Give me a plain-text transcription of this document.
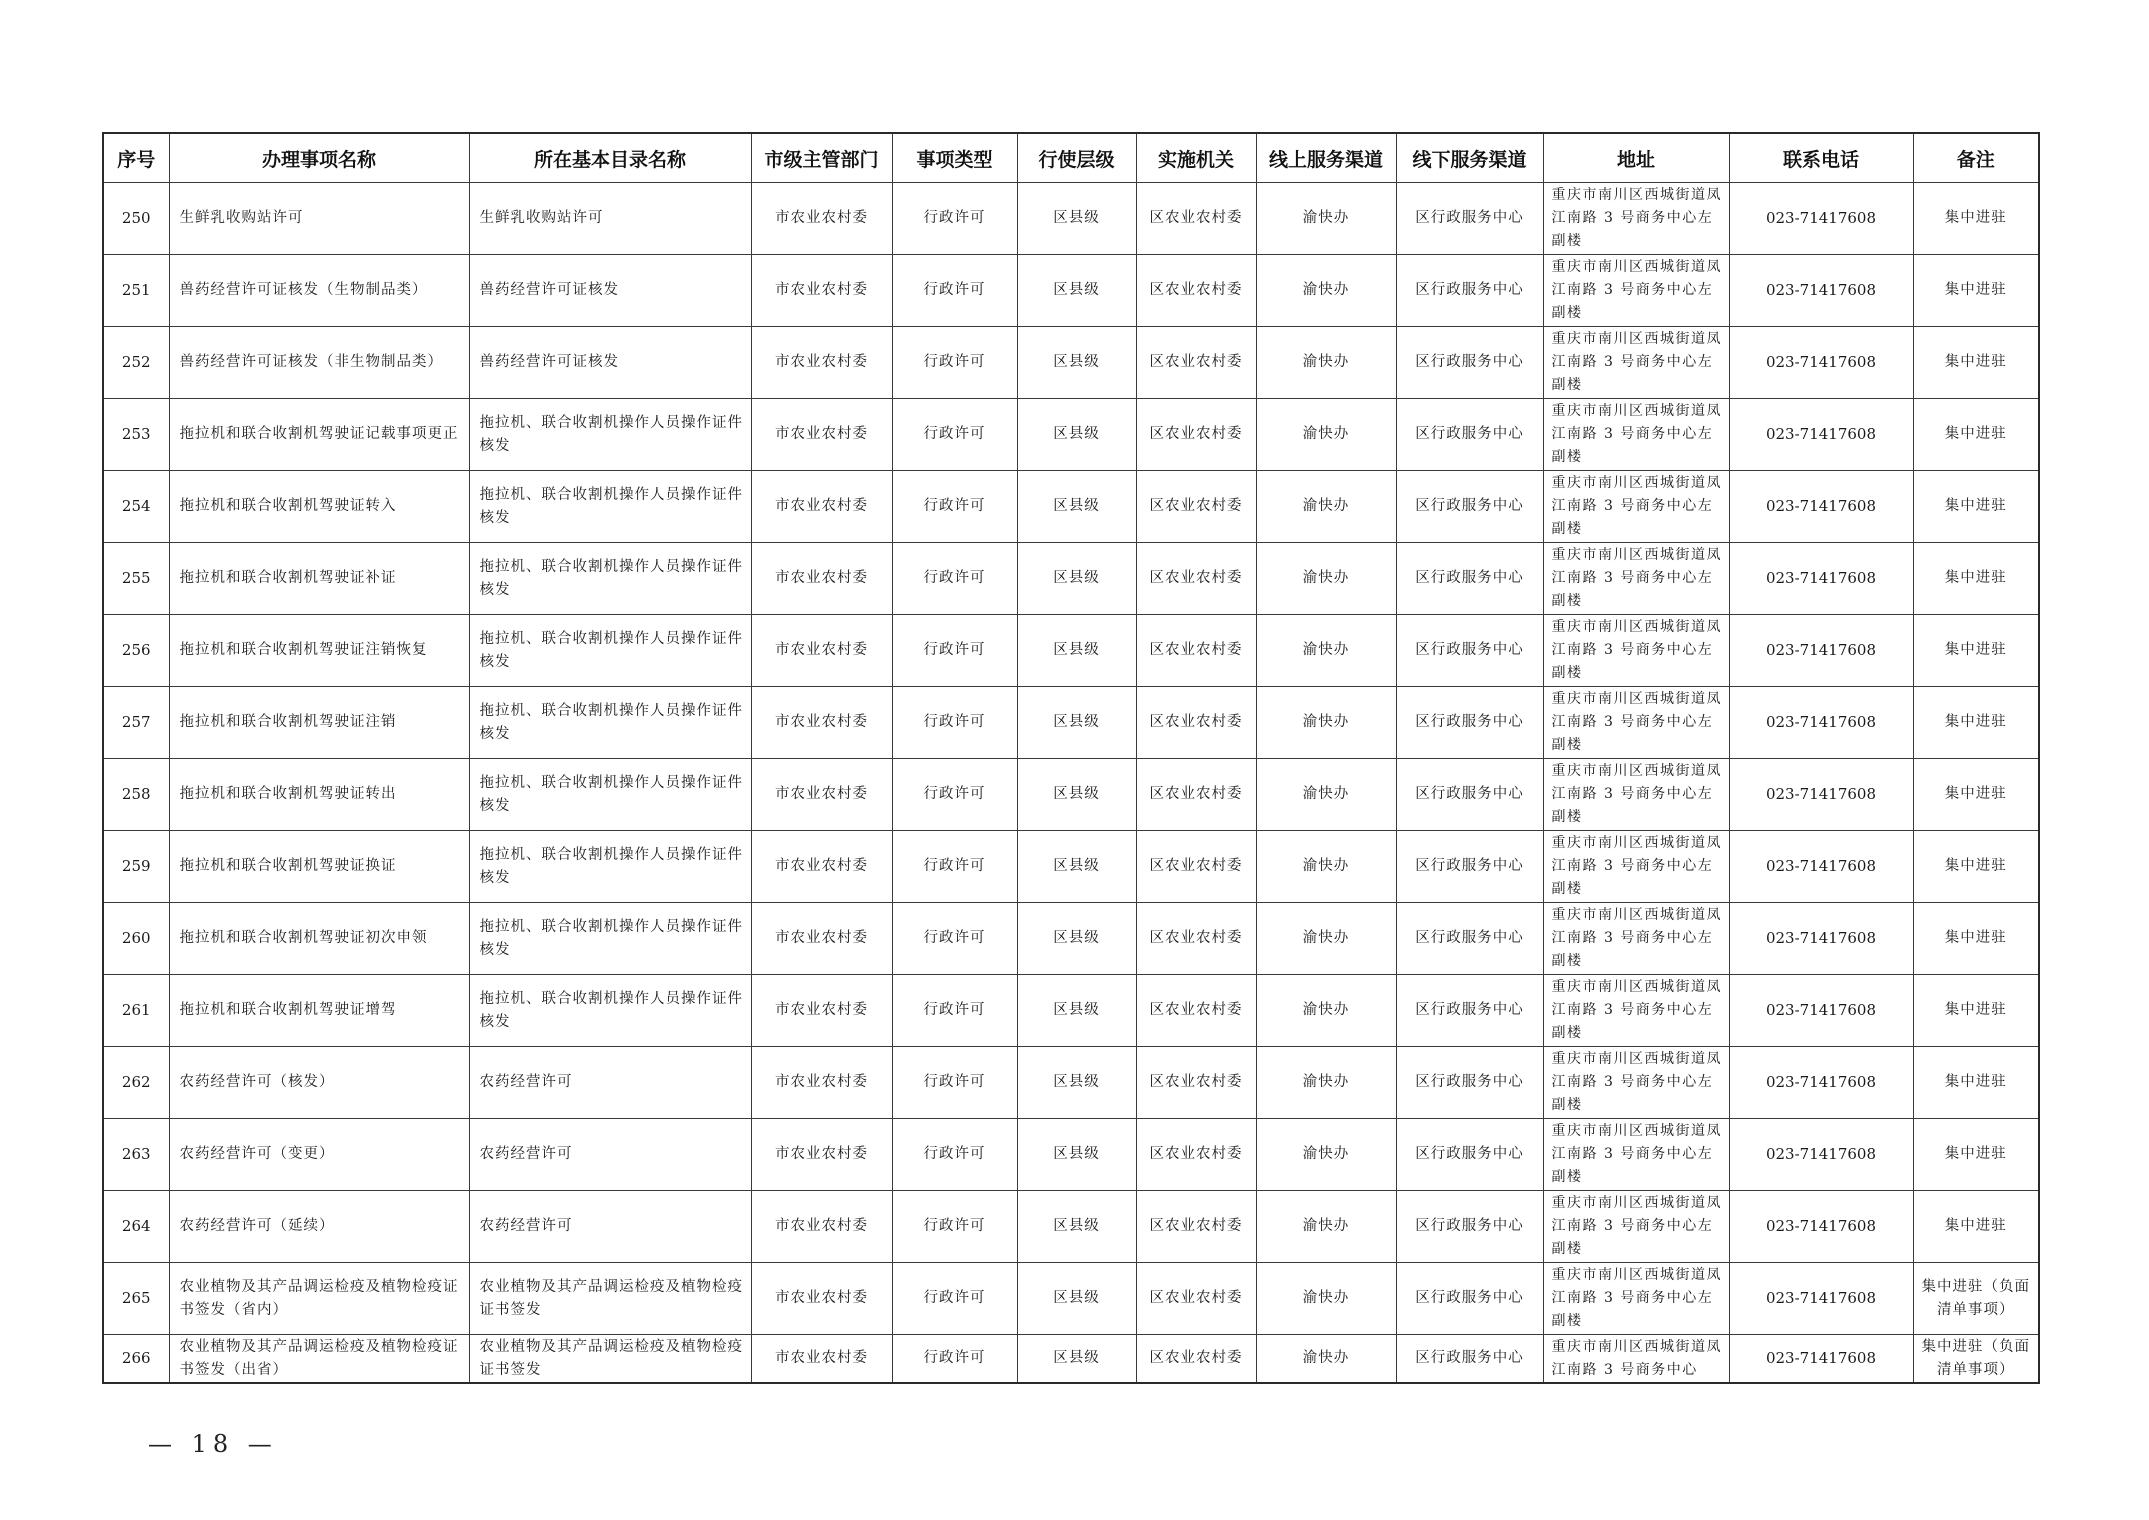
序号	办理事项名称	所在基本目录名称	市级主管部门	事项类型	行使层级	实施机关	线上服务渠道	线下服务渠道	地址	联系电话	备注
250	生鲜乳收购站许可	生鲜乳收购站许可	市农业农村委	行政许可	区县级	区农业农村委	渝快办	区行政服务中心	重庆市南川区西城街道凤江南路 3 号商务中心左副楼	023-71417608	集中进驻
251	兽药经营许可证核发（生物制品类）	兽药经营许可证核发	市农业农村委	行政许可	区县级	区农业农村委	渝快办	区行政服务中心	重庆市南川区西城街道凤江南路 3 号商务中心左副楼	023-71417608	集中进驻
252	兽药经营许可证核发（非生物制品类）	兽药经营许可证核发	市农业农村委	行政许可	区县级	区农业农村委	渝快办	区行政服务中心	重庆市南川区西城街道凤江南路 3 号商务中心左副楼	023-71417608	集中进驻
253	拖拉机和联合收割机驾驶证记载事项更正	拖拉机、联合收割机操作人员操作证件核发	市农业农村委	行政许可	区县级	区农业农村委	渝快办	区行政服务中心	重庆市南川区西城街道凤江南路 3 号商务中心左副楼	023-71417608	集中进驻
254	拖拉机和联合收割机驾驶证转入	拖拉机、联合收割机操作人员操作证件核发	市农业农村委	行政许可	区县级	区农业农村委	渝快办	区行政服务中心	重庆市南川区西城街道凤江南路 3 号商务中心左副楼	023-71417608	集中进驻
255	拖拉机和联合收割机驾驶证补证	拖拉机、联合收割机操作人员操作证件核发	市农业农村委	行政许可	区县级	区农业农村委	渝快办	区行政服务中心	重庆市南川区西城街道凤江南路 3 号商务中心左副楼	023-71417608	集中进驻
256	拖拉机和联合收割机驾驶证注销恢复	拖拉机、联合收割机操作人员操作证件核发	市农业农村委	行政许可	区县级	区农业农村委	渝快办	区行政服务中心	重庆市南川区西城街道凤江南路 3 号商务中心左副楼	023-71417608	集中进驻
257	拖拉机和联合收割机驾驶证注销	拖拉机、联合收割机操作人员操作证件核发	市农业农村委	行政许可	区县级	区农业农村委	渝快办	区行政服务中心	重庆市南川区西城街道凤江南路 3 号商务中心左副楼	023-71417608	集中进驻
258	拖拉机和联合收割机驾驶证转出	拖拉机、联合收割机操作人员操作证件核发	市农业农村委	行政许可	区县级	区农业农村委	渝快办	区行政服务中心	重庆市南川区西城街道凤江南路 3 号商务中心左副楼	023-71417608	集中进驻
259	拖拉机和联合收割机驾驶证换证	拖拉机、联合收割机操作人员操作证件核发	市农业农村委	行政许可	区县级	区农业农村委	渝快办	区行政服务中心	重庆市南川区西城街道凤江南路 3 号商务中心左副楼	023-71417608	集中进驻
260	拖拉机和联合收割机驾驶证初次申领	拖拉机、联合收割机操作人员操作证件核发	市农业农村委	行政许可	区县级	区农业农村委	渝快办	区行政服务中心	重庆市南川区西城街道凤江南路 3 号商务中心左副楼	023-71417608	集中进驻
261	拖拉机和联合收割机驾驶证增驾	拖拉机、联合收割机操作人员操作证件核发	市农业农村委	行政许可	区县级	区农业农村委	渝快办	区行政服务中心	重庆市南川区西城街道凤江南路 3 号商务中心左副楼	023-71417608	集中进驻
262	农药经营许可（核发）	农药经营许可	市农业农村委	行政许可	区县级	区农业农村委	渝快办	区行政服务中心	重庆市南川区西城街道凤江南路 3 号商务中心左副楼	023-71417608	集中进驻
263	农药经营许可（变更）	农药经营许可	市农业农村委	行政许可	区县级	区农业农村委	渝快办	区行政服务中心	重庆市南川区西城街道凤江南路 3 号商务中心左副楼	023-71417608	集中进驻
264	农药经营许可（延续）	农药经营许可	市农业农村委	行政许可	区县级	区农业农村委	渝快办	区行政服务中心	重庆市南川区西城街道凤江南路 3 号商务中心左副楼	023-71417608	集中进驻
265	农业植物及其产品调运检疫及植物检疫证书签发（省内）	农业植物及其产品调运检疫及植物检疫证书签发	市农业农村委	行政许可	区县级	区农业农村委	渝快办	区行政服务中心	重庆市南川区西城街道凤江南路 3 号商务中心左副楼	023-71417608	集中进驻（负面清单事项）
266	农业植物及其产品调运检疫及植物检疫证书签发（出省）	农业植物及其产品调运检疫及植物检疫证书签发	市农业农村委	行政许可	区县级	区农业农村委	渝快办	区行政服务中心	重庆市南川区西城街道凤江南路 3 号商务中心	023-71417608	集中进驻（负面清单事项）
— 18 —
